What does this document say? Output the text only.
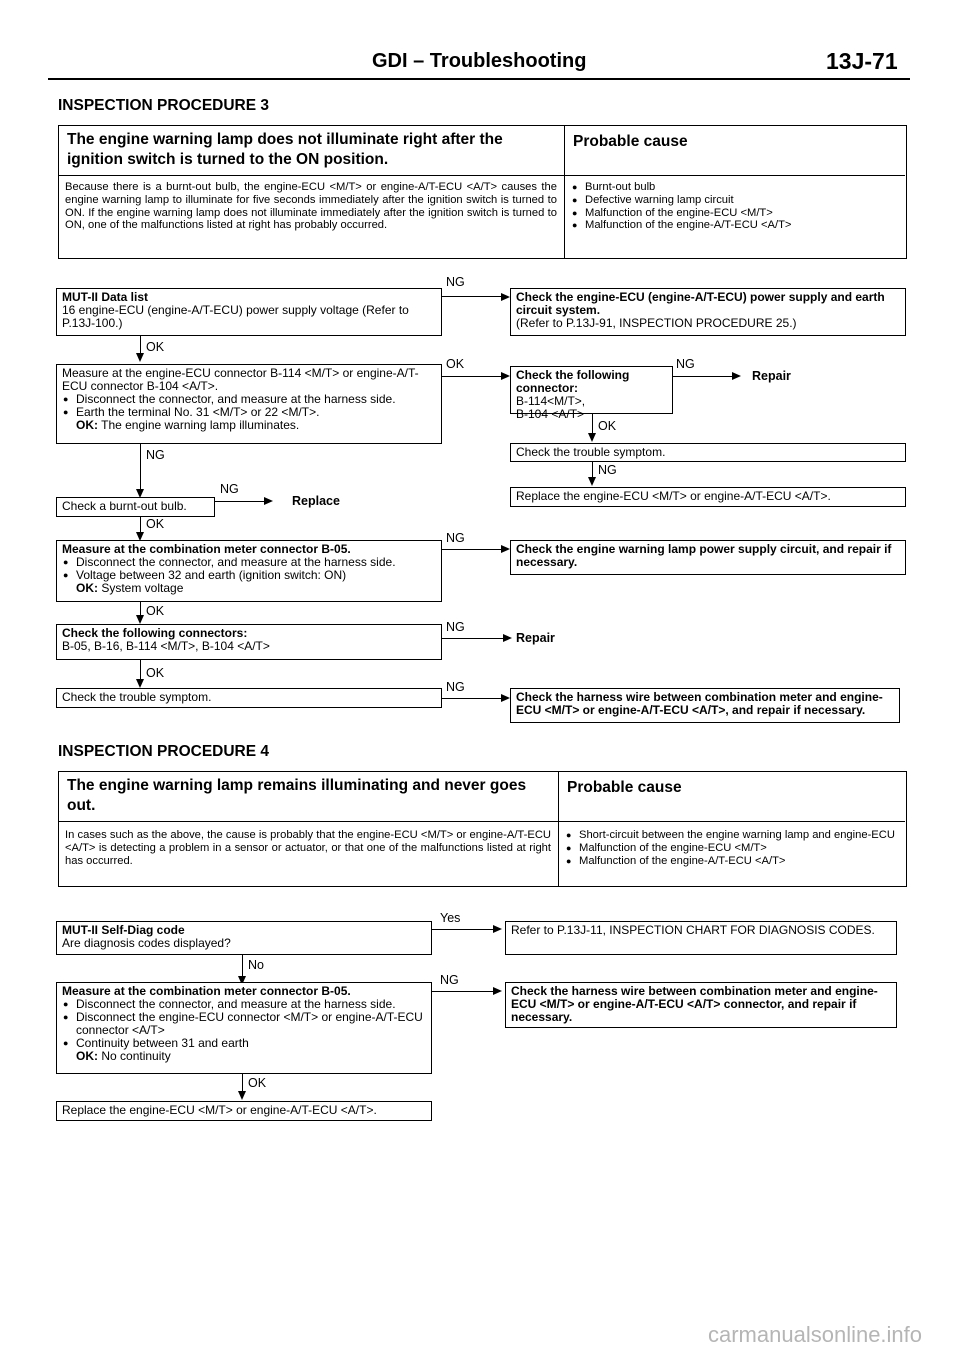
GDI – Troubleshooting	13J-71
INSPECTION PROCEDURE 3
The engine warning lamp does not illuminate right after the ignition switch is turned to the ON position.
Probable cause
Because there is a burnt-out bulb, the engine-ECU <M/T> or engine-A/T-ECU <A/T> causes the engine warning lamp to illuminate for five seconds immediately after the ignition switch is turned to ON. If the engine warning lamp does not illuminate immediately after the ignition switch is turned to ON, one of the malfunctions listed at right has probably occurred.
● Burnt-out bulb
● Defective warning lamp circuit
● Malfunction of the engine-ECU <M/T>
● Malfunction of the engine-A/T-ECU <A/T>
MUT-II Data list
16 engine-ECU (engine-A/T-ECU) power supply voltage (Refer to P.13J-100.)
NG
Check the engine-ECU (engine-A/T-ECU) power supply and earth circuit system.
(Refer to P.13J-91, INSPECTION PROCEDURE 25.)
OK
Measure at the engine-ECU connector B-114 <M/T> or engine-A/T-ECU connector B-104 <A/T>.
● Disconnect the connector, and measure at the harness side.
● Earth the terminal No. 31 <M/T> or 22 <M/T>.
OK: The engine warning lamp illuminates.
OK
Check the following connector:
B-114<M/T>,
B-104 <A/T>
NG
Repair
OK
Check the trouble symptom.
NG
Replace the engine-ECU <M/T> or engine-A/T-ECU <A/T>.
NG
Check a burnt-out bulb.
NG
Replace
OK
Measure at the combination meter connector B-05.
● Disconnect the connector, and measure at the harness side.
● Voltage between 32 and earth (ignition switch: ON)
OK: System voltage
NG
Check the engine warning lamp power supply circuit, and repair if necessary.
OK
Check the following connectors:
B-05, B-16, B-114 <M/T>, B-104 <A/T>
NG
Repair
OK
Check the trouble symptom.
NG
Check the harness wire between combination meter and engine-ECU <M/T> or engine-A/T-ECU <A/T>, and repair if necessary.
INSPECTION PROCEDURE 4
The engine warning lamp remains illuminating and never goes out.
Probable cause
In cases such as the above, the cause is probably that the engine-ECU <M/T> or engine-A/T-ECU <A/T> is detecting a problem in a sensor or actuator, or that one of the malfunctions listed at right has occurred.
● Short-circuit between the engine warning lamp and engine-ECU
● Malfunction of the engine-ECU <M/T>
● Malfunction of the engine-A/T-ECU <A/T>
MUT-II Self-Diag code
Are diagnosis codes displayed?
Yes
Refer to P.13J-11, INSPECTION CHART FOR DIAGNOSIS CODES.
No
Measure at the combination meter connector B-05.
● Disconnect the connector, and measure at the harness side.
● Disconnect the engine-ECU connector <M/T> or engine-A/T-ECU connector <A/T>
● Continuity between 31 and earth
OK: No continuity
NG
Check the harness wire between combination meter and engine-ECU <M/T> or engine-A/T-ECU <A/T> connector, and repair if necessary.
OK
Replace the engine-ECU <M/T> or engine-A/T-ECU <A/T>.
carmanualsonline.info
